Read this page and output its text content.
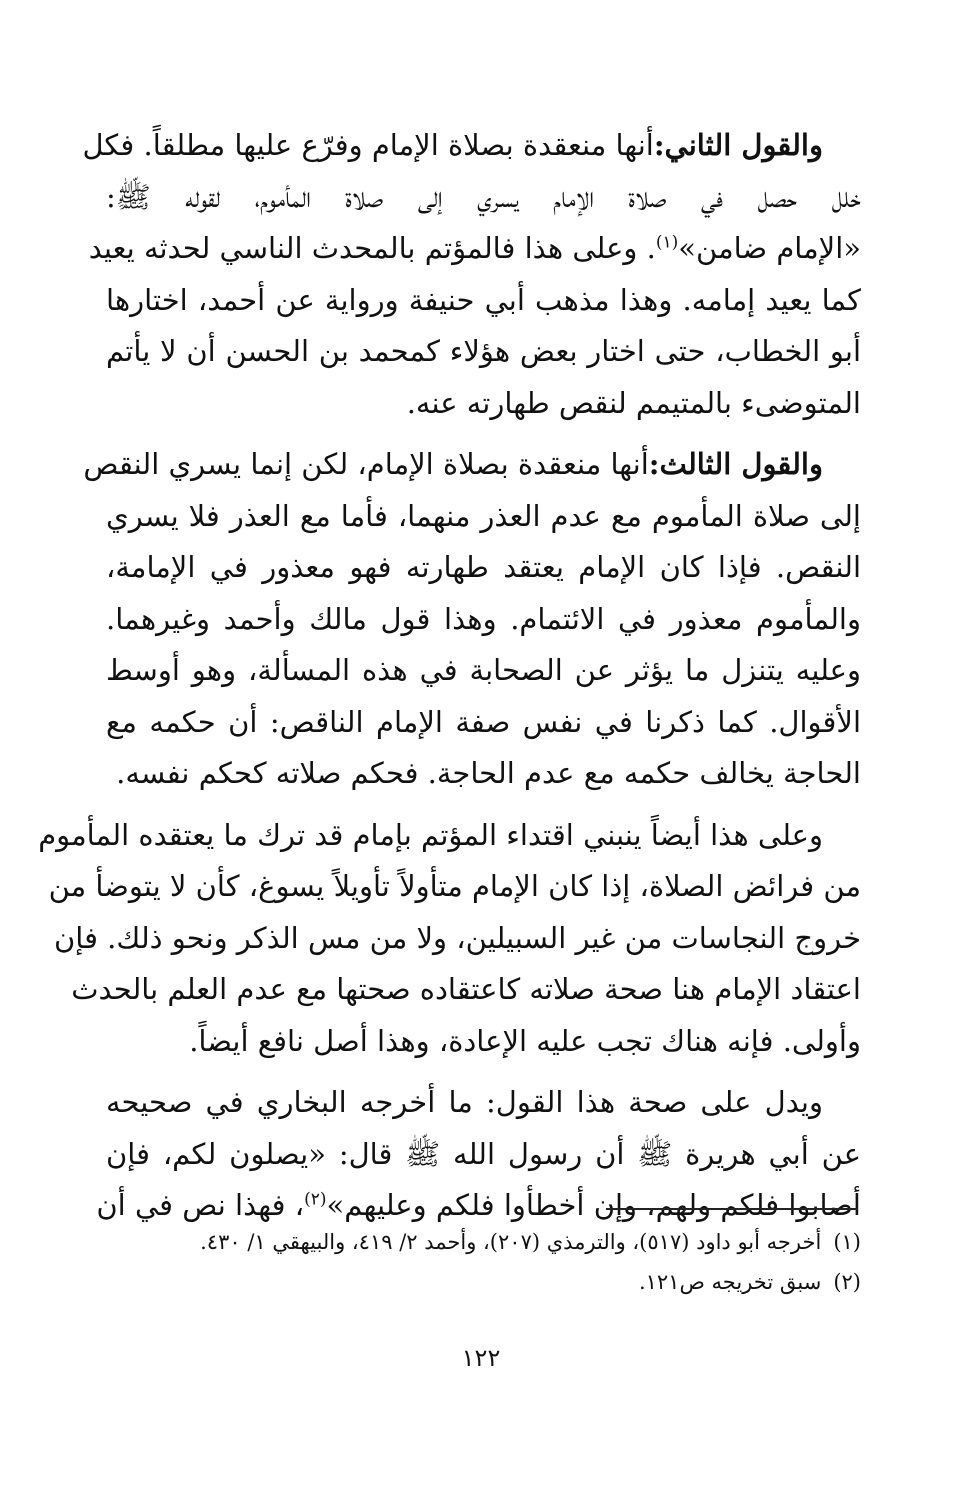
والقول الثاني:أنها منعقدة بصلاة الإمام وفرّع عليها مطلقاً. فكل
خلل حصل في صلاة الإمام يسري إلى صلاة المأموم، لقوله ﷺ:
«الإمام ضامن»$^{(١)}$. وعلى هذا فالمؤتم بالمحدث الناسي لحدثه يعيد
كما يعيد إمامه. وهذا مذهب أبي حنيفة ورواية عن أحمد، اختارها
أبو الخطاب، حتى اختار بعض هؤلاء كمحمد بن الحسن أن لا يأتم
المتوضىء بالمتيمم لنقص طهارته عنه.

والقول الثالث:أنها منعقدة بصلاة الإمام، لكن إنما يسري النقص
إلى صلاة المأموم مع عدم العذر منهما، فأما مع العذر فلا يسري
النقص. فإذا كان الإمام يعتقد طهارته فهو معذور في الإمامة،
والمأموم معذور في الائتمام. وهذا قول مالك وأحمد وغيرهما.
وعليه يتنزل ما يؤثر عن الصحابة في هذه المسألة، وهو أوسط
الأقوال. كما ذكرنا في نفس صفة الإمام الناقص: أن حكمه مع
الحاجة يخالف حكمه مع عدم الحاجة. فحكم صلاته كحكم نفسه.

وعلى هذا أيضاً ينبني اقتداء المؤتم بإمام قد ترك ما يعتقده المأموم
من فرائض الصلاة، إذا كان الإمام متأولاً تأويلاً يسوغ، كأن لا يتوضأ من
خروج النجاسات من غير السبيلين، ولا من مس الذكر ونحو ذلك. فإن
اعتقاد الإمام هنا صحة صلاته كاعتقاده صحتها مع عدم العلم بالحدث
وأولى. فإنه هناك تجب عليه الإعادة، وهذا أصل نافع أيضاً.

ويدل على صحة هذا القول: ما أخرجه البخاري في صحيحه
عن أبي هريرة ﷺ أن رسول الله ﷺ قال: «يصلون لكم، فإن
أصابوا فلكم ولهم، وإن أخطأوا فلكم وعليهم»$^{(٢)}$، فهذا نص في أن

(١)أخرجه أبو داود (٥١٧)، والترمذي (٢٠٧)، وأحمد ٢/ ٤١٩، والبيهقي ١/ ٤٣٠.
(٢)سبق تخريجه ص١٢١.
١٢٢
